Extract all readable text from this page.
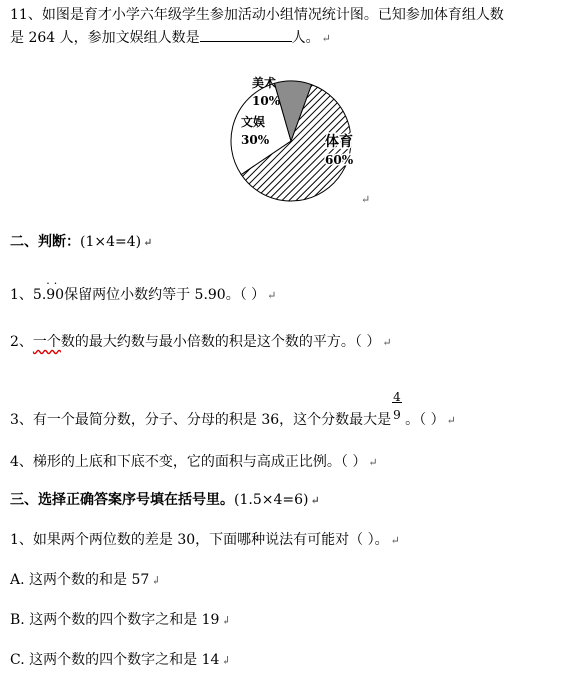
11、如图是育才小学六年级学生参加活动小组情况统计图。已知参加体育组人数
是 264 人，参加文娱组人数是	人。 ↵
体育
60%
文娱
30%
美术
10%
↵
二、判断：(1×4=4) ↵
1、5.
··
90保留两位小数约等于 5.90。（ ） ↵
2、一个数的最大约数与最小倍数的积是这个数的平方。（ ） ↵
3、有一个最简分数，分子、分母的积是 36，这个分数最大是 $\frac{4}{9}$ 。（ ） ↵
4、梯形的上底和下底不变，它的面积与高成正比例。（ ） ↵
三、选择正确答案序号填在括号里。(1.5×4=6) ↵
1、如果两个两位数的差是 30，下面哪种说法有可能对（ ）。 ↵
A. 这两个数的和是 57 ↲
B. 这两个数的四个数字之和是 19 ↲
C. 这两个数的四个数字之和是 14 ↲
